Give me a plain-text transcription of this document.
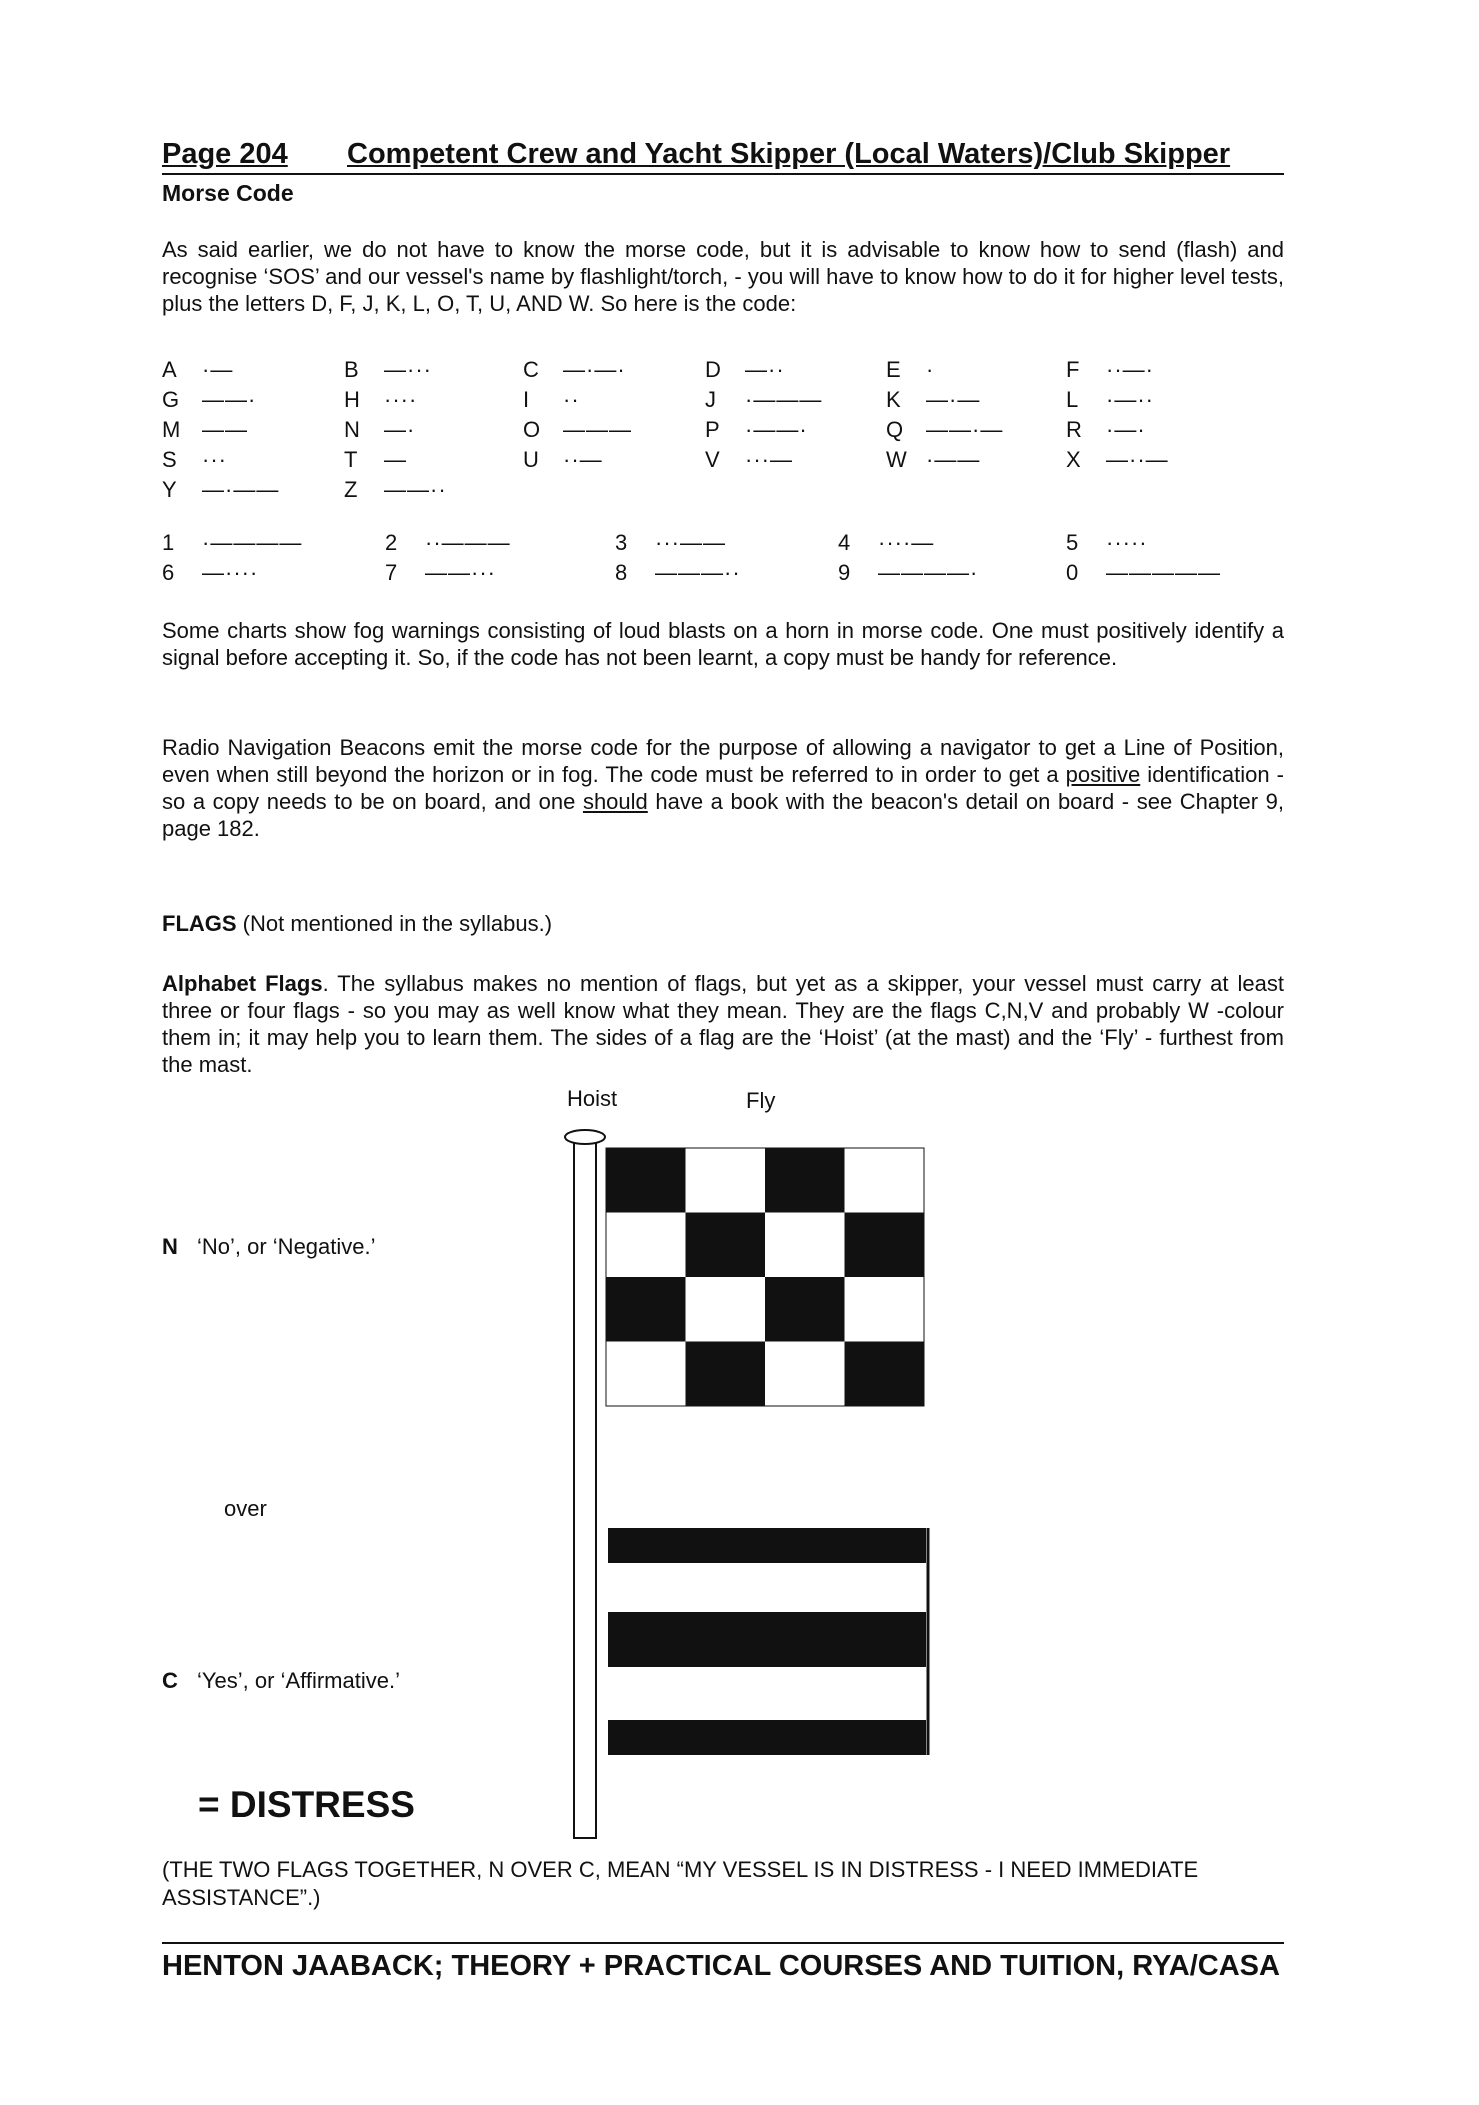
Page 204 Competent Crew and Yacht Skipper (Local Waters)/Club Skipper
Morse Code
As said earlier, we do not have to know the morse code, but it is advisable to know how to send (flash) and recognise ‘SOS’ and our vessel's name by flashlight/torch, - you will have to know how to do it for higher level tests, plus the letters D, F, J, K, L, O, T, U, AND W. So here is the code:
A ·—	B —···	C —·—·	D —··	E ·	F ··—·
G ——·	H ····	I ··	J ·———	K —·—	L ·—··
M ——	N —·	O ———	P ·——·	Q ——·—	R ·—·
S ···	T —	U ··—	V ···—	W ·——	X —··—
Y —·——	Z ——··
1 ·————	2 ··———	3 ···——	4 ····—	5 ·····
6 —····	7 ——···	8 ———··	9 ————·	0 —————
Some charts show fog warnings consisting of loud blasts on a horn in morse code. One must positively identify a signal before accepting it. So, if the code has not been learnt, a copy must be handy for reference.
Radio Navigation Beacons emit the morse code for the purpose of allowing a navigator to get a Line of Position, even when still beyond the horizon or in fog. The code must be referred to in order to get a positive identification - so a copy needs to be on board, and one should have a book with the beacon's detail on board - see Chapter 9, page 182.
FLAGS (Not mentioned in the syllabus.)
Alphabet Flags. The syllabus makes no mention of flags, but yet as a skipper, your vessel must carry at least three or four flags - so you may as well know what they mean. They are the flags C,N,V and probably W -colour them in; it may help you to learn them. The sides of a flag are the ‘Hoist’ (at the mast) and the ‘Fly’ - furthest from the mast.
Hoist	Fly
N ‘No’, or ‘Negative.’
over
C ‘Yes’, or ‘Affirmative.’
= DISTRESS
(THE TWO FLAGS TOGETHER, N OVER C, MEAN “MY VESSEL IS IN DISTRESS - I NEED IMMEDIATE ASSISTANCE”.)
HENTON JAABACK; THEORY + PRACTICAL COURSES AND TUITION, RYA/CASA
